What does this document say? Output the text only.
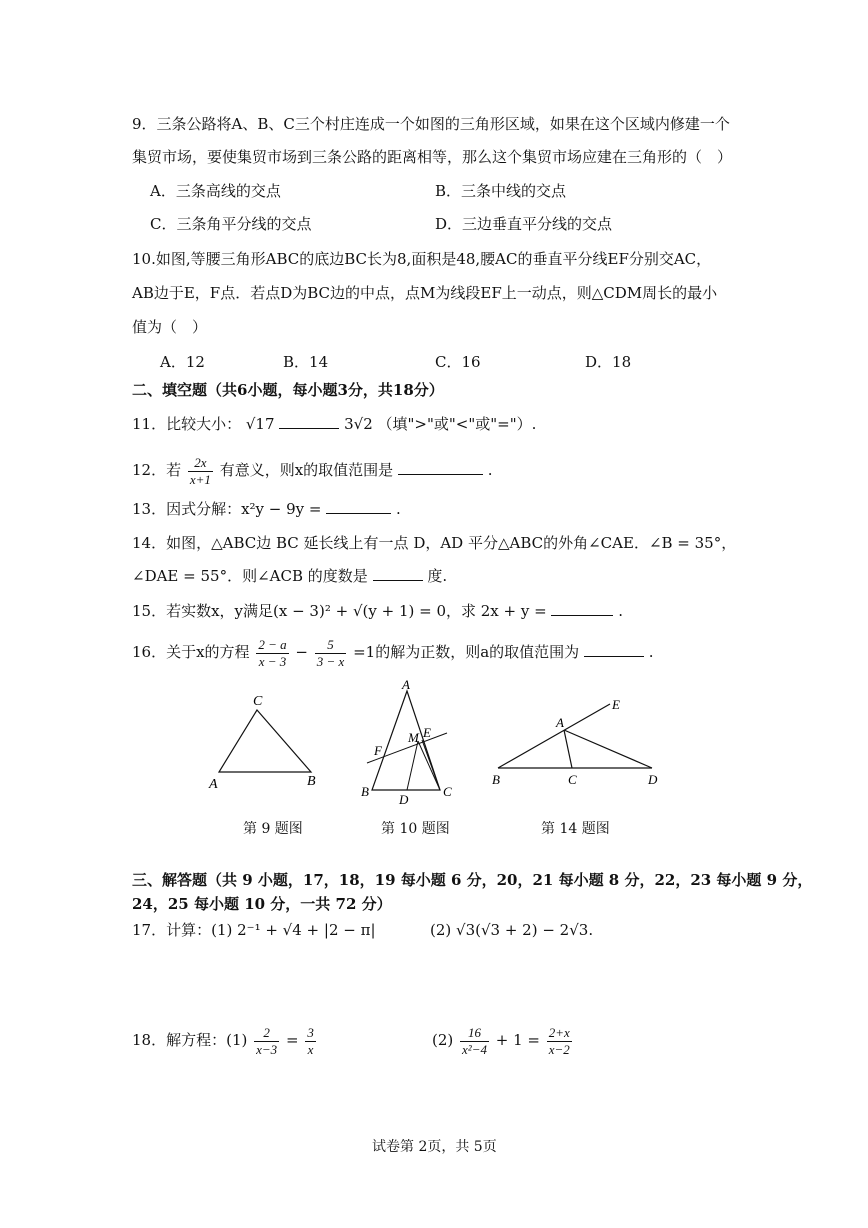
9．三条公路将A、B、C三个村庄连成一个如图的三角形区域，如果在这个区域内修建一个
集贸市场，要使集贸市场到三条公路的距离相等，那么这个集贸市场应建在三角形的（　）
A．三条高线的交点	B．三条中线的交点
C．三条角平分线的交点	D．三边垂直平分线的交点
10.如图,等腰三角形ABC的底边BC长为8,面积是48,腰AC的垂直平分线EF分别交AC，
AB边于E，F点．若点D为BC边的中点，点M为线段EF上一动点，则△CDM周长的最小
值为（　）
A．12	B．14	C．16	D．18
二、填空题（共6小题，每小题3分，共18分）
11．比较大小： √17	3√2 （填">"或"<"或"="）.
12．若 $\frac{2x}{x+1}$ 有意义，则x的取值范围是	.
13．因式分解：x²y − 9y =	.
14．如图，△ABC边 BC 延长线上有一点 D，AD 平分△ABC的外角∠CAE．∠B = 35°，
∠DAE = 55°．则∠ACB 的度数是	度.
15．若实数x，y满足(x − 3)² + √(y + 1) = 0，求 2x + y =	.
16．关于x的方程 $\frac{2 - a}{x - 3} - \frac{5}{3 - x} =1$的解为正数，则a的取值范围为	.
C
A	B
第 9 题图
A
E
M
F
B
D
C
第 10 题图
E
A
B	C	D
第 14 题图
三、解答题（共 9 小题，17，18，19 每小题 6 分，20，21 每小题 8 分，22，23 每小题 9 分，
24，25 每小题 10 分，一共 72 分）
17．计算：(1) 2⁻¹ + √4 + |2 − π|	(2) √3(√3 + 2) − 2√3.
18．解方程：$(1) \frac{2}{x-3} = \frac{3}{x}$	$(2) \frac{16}{\text{x²−4}} + 1 = \frac{2+x}{x-2}$
试卷第 2页，共 5页
